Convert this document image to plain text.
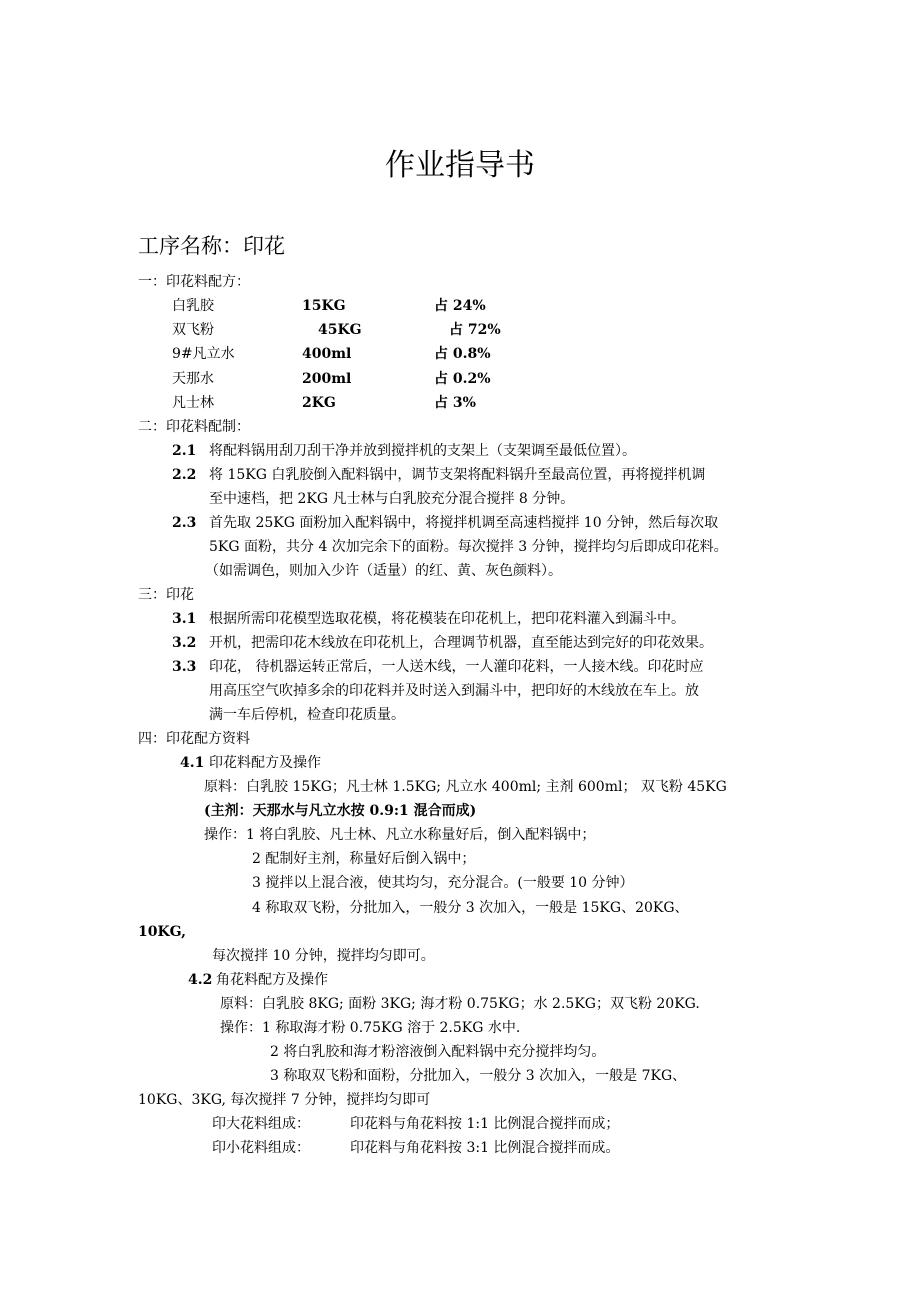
作业指导书
工序名称：印花
一：印花料配方：
白乳胶	15KG	占 24%
双飞粉	45KG	占 72%
9#凡立水	400ml	占 0.8%
天那水	200ml	占 0.2%
凡士林	2KG	占 3%
二：印花料配制：
2.1 将配料锅用刮刀刮干净并放到搅拌机的支架上（支架调至最低位置）。
2.2 将 15KG 白乳胶倒入配料锅中，调节支架将配料锅升至最高位置，再将搅拌机调
至中速档，把 2KG 凡士林与白乳胶充分混合搅拌 8 分钟。
2.3 首先取 25KG 面粉加入配料锅中，将搅拌机调至高速档搅拌 10 分钟，然后每次取
5KG 面粉，共分 4 次加完余下的面粉。每次搅拌 3 分钟，搅拌均匀后即成印花料。
（如需调色，则加入少许（适量）的红、黄、灰色颜料）。
三：印花
3.1 根据所需印花模型选取花模，将花模装在印花机上，把印花料灌入到漏斗中。
3.2 开机，把需印花木线放在印花机上，合理调节机器，直至能达到完好的印花效果。
3.3 印花， 待机器运转正常后，一人送木线，一人灌印花料，一人接木线。印花时应
用高压空气吹掉多余的印花料并及时送入到漏斗中，把印好的木线放在车上。放
满一车后停机，检查印花质量。
四：印花配方资料
4.1 印花料配方及操作
原料：白乳胶 15KG；凡士林 1.5KG; 凡立水 400ml; 主剂 600ml； 双飞粉 45KG
(主剂：天那水与凡立水按 0.9:1 混合而成)
操作：1 将白乳胶、凡士林、凡立水称量好后，倒入配料锅中；
2 配制好主剂，称量好后倒入锅中；
3 搅拌以上混合液，使其均匀，充分混合。(一般要 10 分钟）
4 称取双飞粉，分批加入，一般分 3 次加入，一般是 15KG、20KG、
10KG,
每次搅拌 10 分钟，搅拌均匀即可。
4.2 角花料配方及操作
原料：白乳胶 8KG; 面粉 3KG; 海才粉 0.75KG；水 2.5KG；双飞粉 20KG.
操作：1 称取海才粉 0.75KG 溶于 2.5KG 水中.
2 将白乳胶和海才粉溶液倒入配料锅中充分搅拌均匀。
3 称取双飞粉和面粉，分批加入，一般分 3 次加入，一般是 7KG、
10KG、3KG, 每次搅拌 7 分钟，搅拌均匀即可
印大花料组成：	印花料与角花料按 1:1 比例混合搅拌而成；
印小花料组成：	印花料与角花料按 3:1 比例混合搅拌而成。
